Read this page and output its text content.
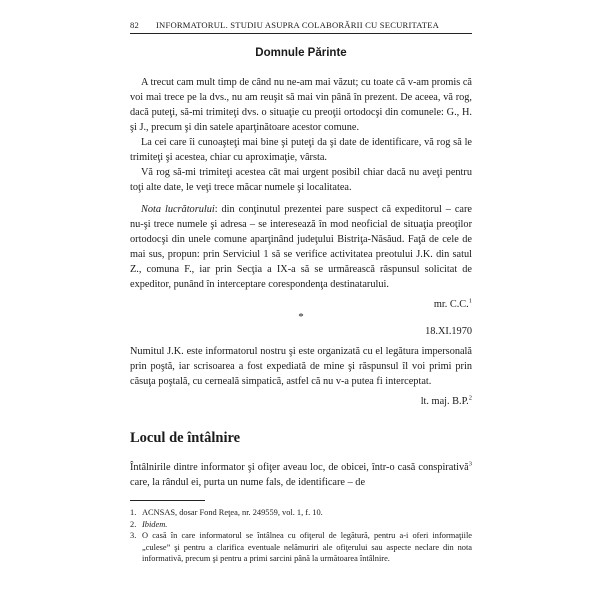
82	INFORMATORUL. STUDIU ASUPRA COLABORĂRII CU SECURITATEA
Domnule Părinte

A trecut cam mult timp de când nu ne-am mai văzut; cu toate că v-am promis că voi mai trece pe la dvs., nu am reuşit să mai vin până în prezent. De aceea, vă rog, dacă puteţi, să-mi trimiteţi dvs. o situaţie cu preoţii ortodocşi din comunele: G., H. şi J., precum şi din satele aparţinătoare acestor comune.

La cei care îi cunoaşteţi mai bine şi puteţi da şi date de identificare, vă rog să le trimiteţi şi acestea, chiar cu aproximaţie, vârsta.

Vă rog să-mi trimiteţi acestea cât mai urgent posibil chiar dacă nu aveţi pentru toţi alte date, le veţi trece măcar numele şi localitatea.

Nota lucrătorului: din conţinutul prezentei pare suspect că expeditorul – care nu-şi trece numele şi adresa – se interesează în mod neoficial de situaţia preoţilor ortodocşi din unele comune aparţinând judeţului Bistriţa-Năsăud. Faţă de cele de mai sus, propun: prin Serviciul 1 să se verifice activitatea preotului J.K. din satul Z., comuna F., iar prin Secţia a IX-a să se urmărească răspunsul solicitat de expeditor, punând în interceptare corespondenţa destinatarului.

mr. C.C.$^1$
*
18.XI.1970

Numitul J.K. este informatorul nostru şi este organizată cu el legătura impersonală prin poştă, iar scrisoarea a fost expediată de mine şi răspunsul îl voi primi prin căsuţa poştală, cu cerneală simpatică, astfel că nu v-a putea fi interceptat.

lt. maj. B.P.$^2$
Locul de întâlnire

Întâlnirile dintre informator şi ofiţer aveau loc, de obicei, într-o casă conspirativă$^3$ care, la rândul ei, purta un nume fals, de identificare – de

1. ACNSAS, dosar Fond Reţea, nr. 249559, vol. 1, f. 10.
2. Ibidem.
3. O casă în care informatorul se întâlnea cu ofiţerul de legătură, pentru a-i oferi informaţiile „culese” şi pentru a clarifica eventuale nelămuriri ale ofiţerului sau aspecte neclare din nota informativă, precum şi pentru a primi sarcini până la următoarea întâlnire.
